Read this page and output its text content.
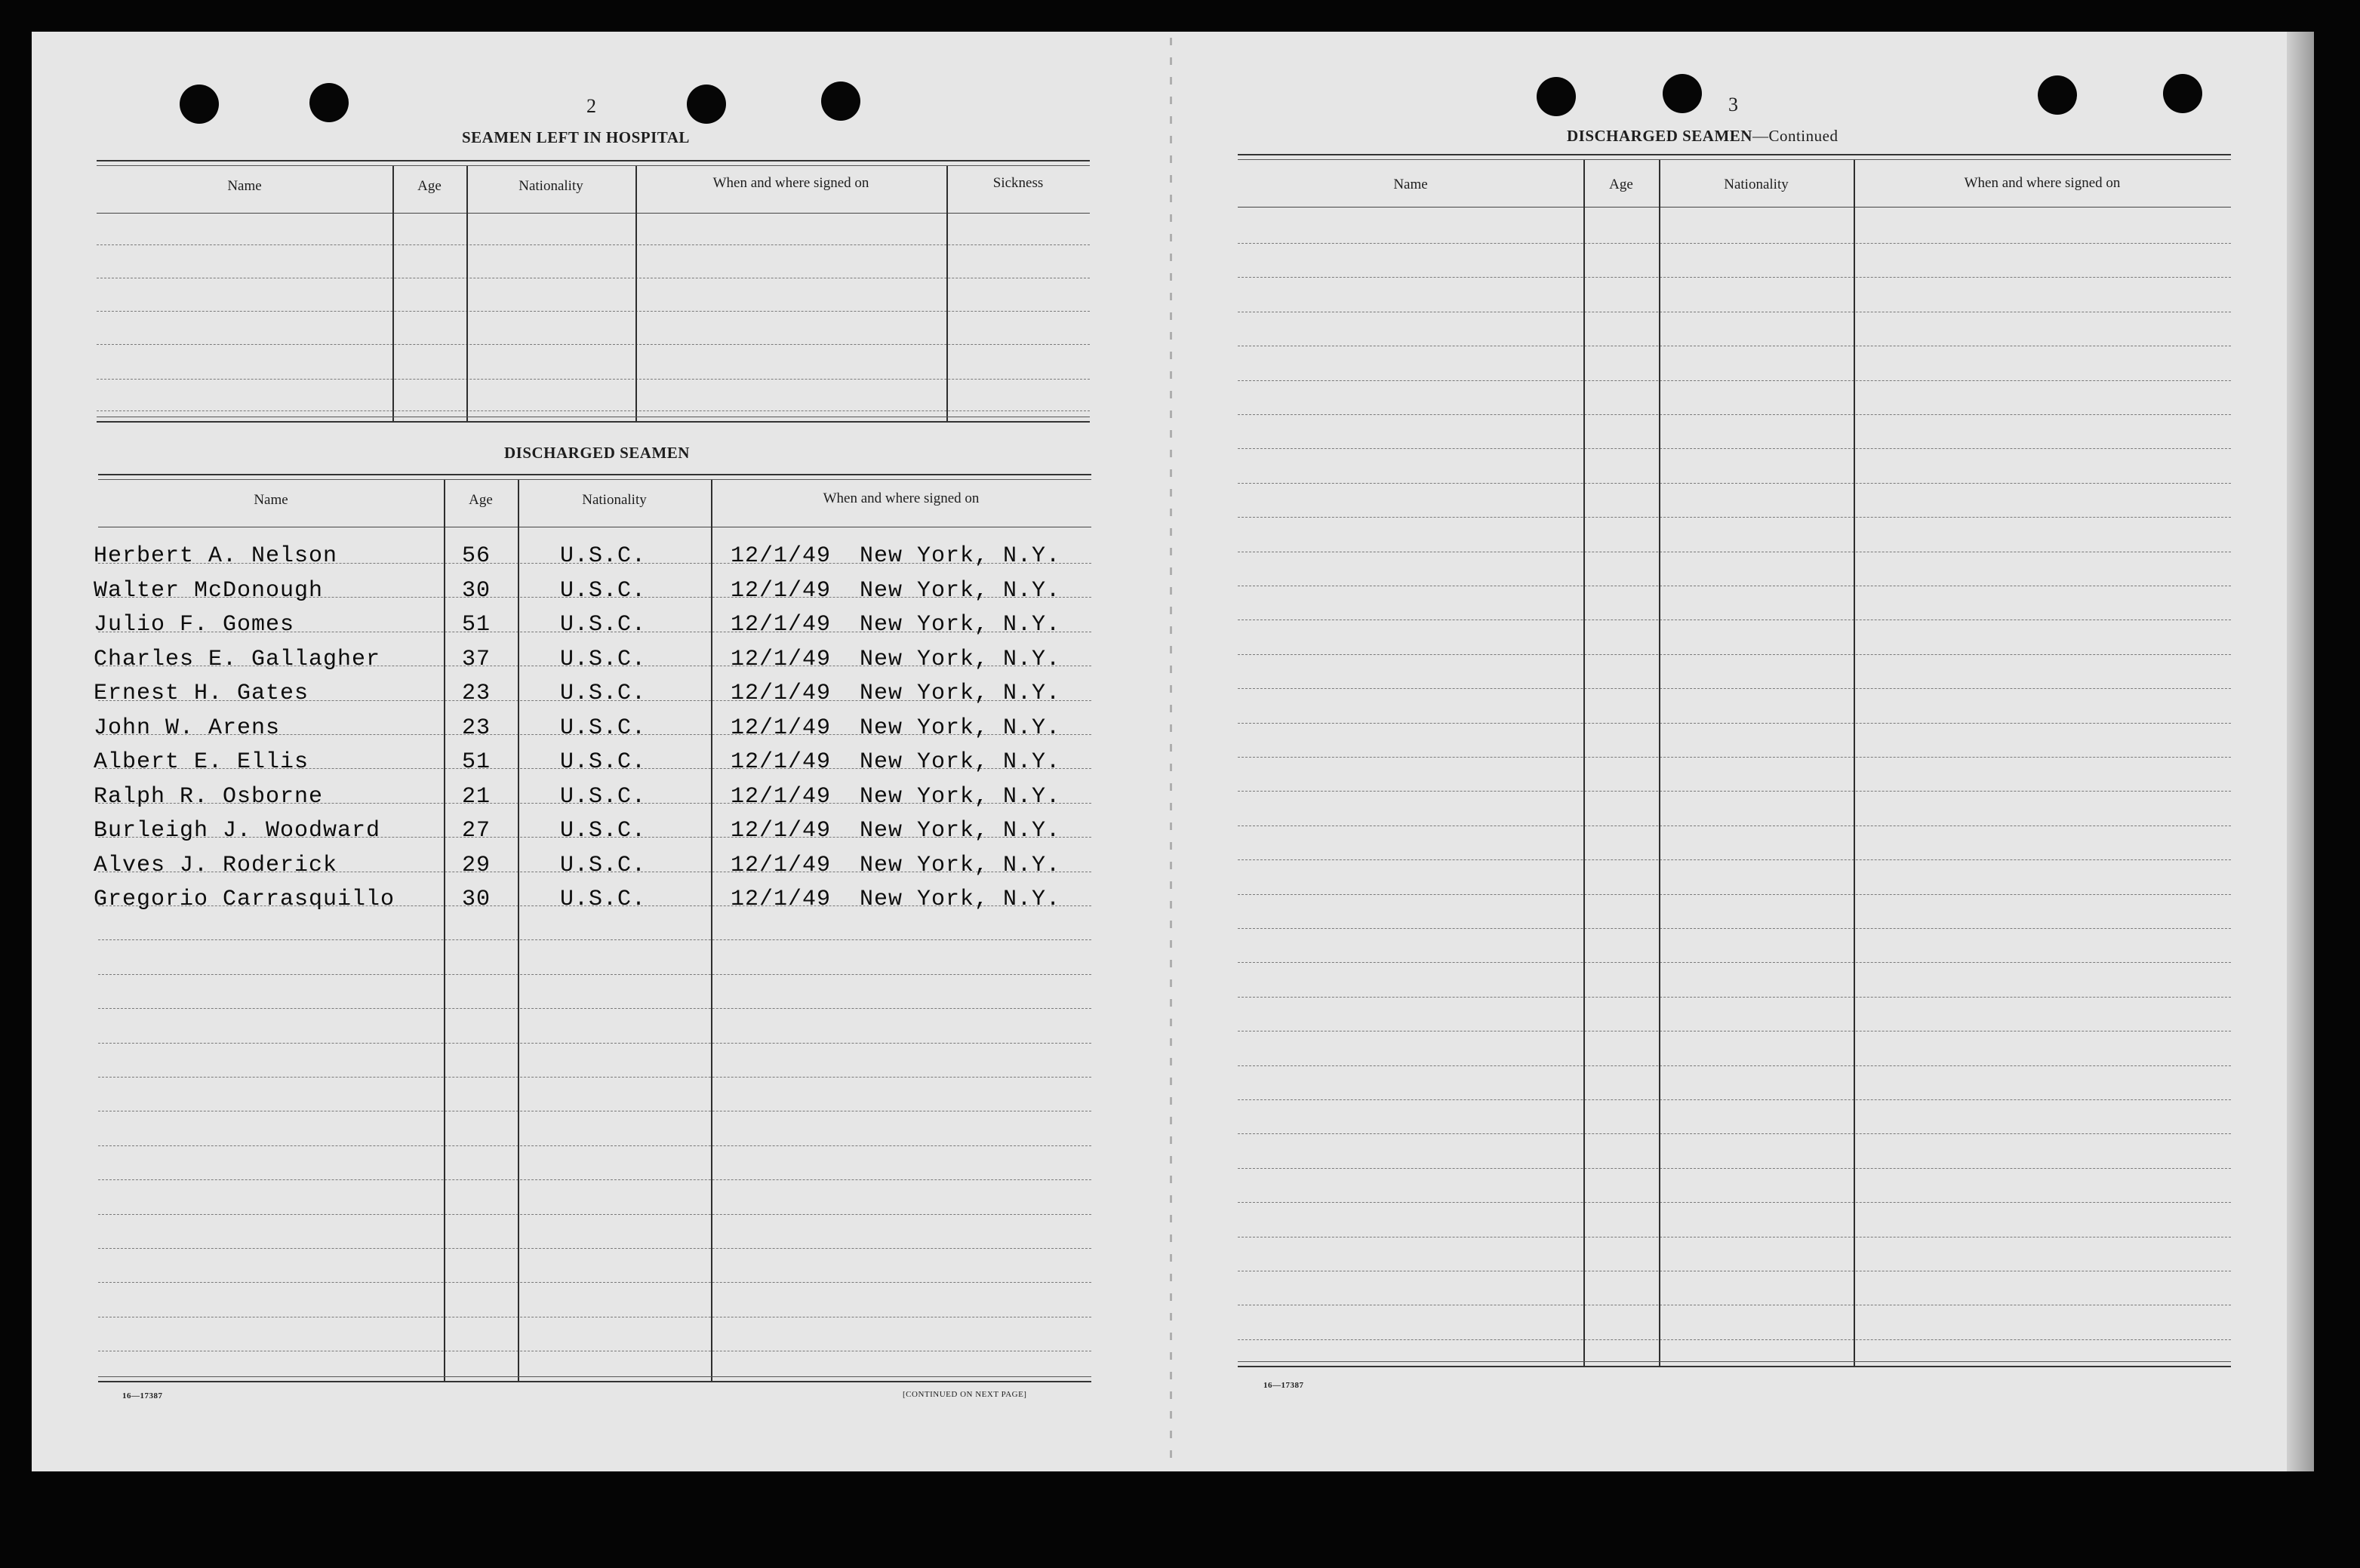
2
SEAMEN LEFT IN HOSPITAL
Name	Age	Nationality	When and where signed on	Sickness
DISCHARGED SEAMEN
Name	Age	Nationality	When and where signed on
Herbert A. Nelson	56	U.S.C.	12/1/49  New York, N.Y.
Walter McDonough	30	U.S.C.	12/1/49  New York, N.Y.
Julio F. Gomes	51	U.S.C.	12/1/49  New York, N.Y.
Charles E. Gallagher	37	U.S.C.	12/1/49  New York, N.Y.
Ernest H. Gates	23	U.S.C.	12/1/49  New York, N.Y.
John W. Arens	23	U.S.C.	12/1/49  New York, N.Y.
Albert E. Ellis	51	U.S.C.	12/1/49  New York, N.Y.
Ralph R. Osborne	21	U.S.C.	12/1/49  New York, N.Y.
Burleigh J. Woodward	27	U.S.C.	12/1/49  New York, N.Y.
Alves J. Roderick	29	U.S.C.	12/1/49  New York, N.Y.
Gregorio Carrasquillo	30	U.S.C.	12/1/49  New York, N.Y.
16—17387	[CONTINUED ON NEXT PAGE]
3
DISCHARGED SEAMEN—Continued
Name	Age	Nationality	When and where signed on
16—17387
